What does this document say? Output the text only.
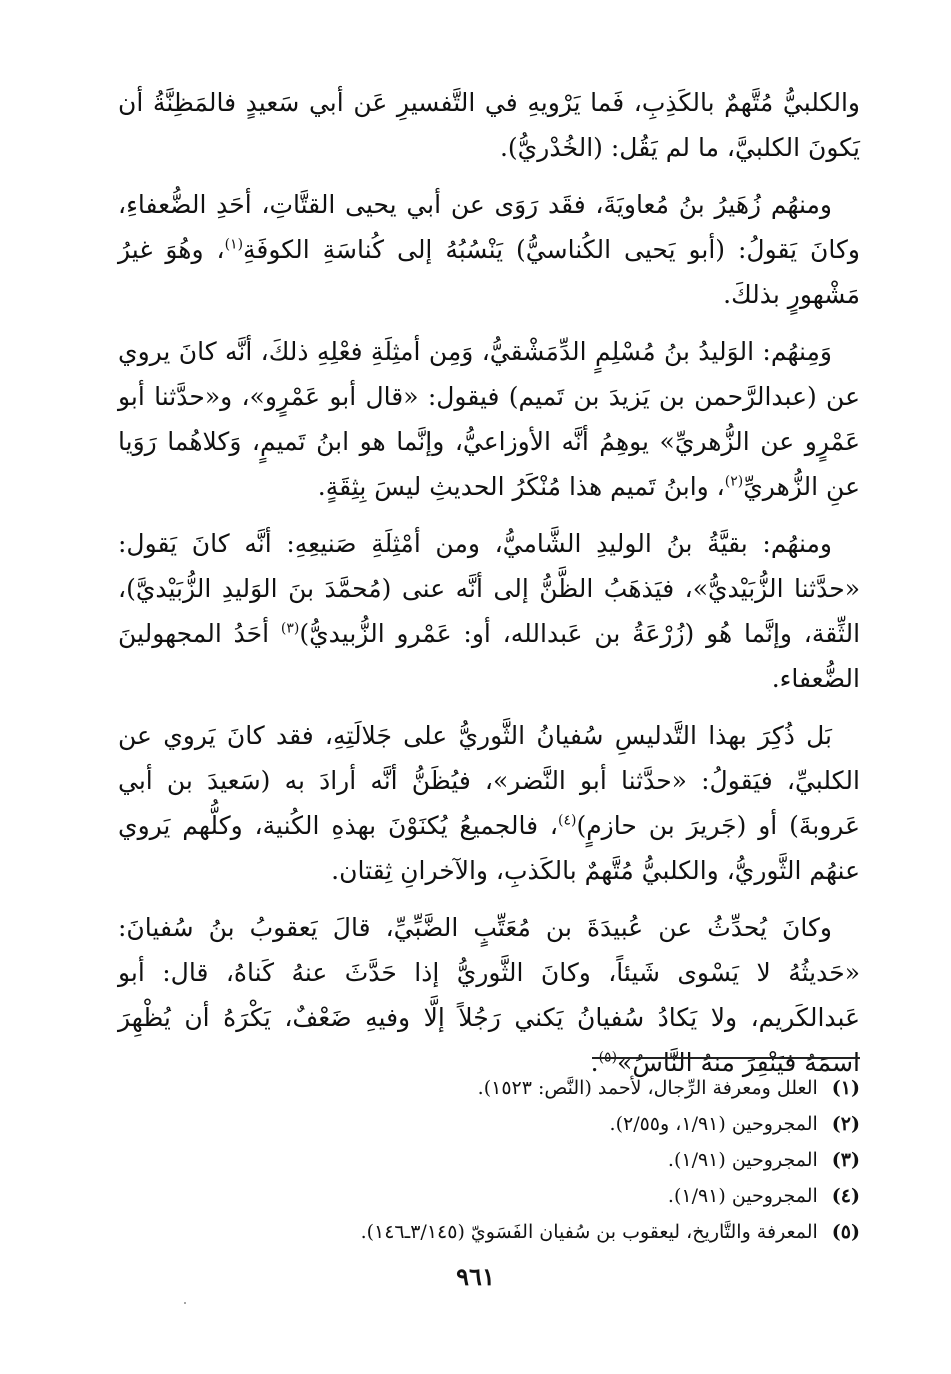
والكلبيُّ مُتَّهمٌ بالكَذِبِ، فَما يَرْويهِ في التَّفسيرِ عَن أبي سَعيدٍ فالمَظِنَّةُ أن يَكونَ الكلبيَّ، ما لم يَقُل: (الخُدْريُّ).

ومنهُم زُهَيرُ بنُ مُعاويَةَ، فقَد رَوَى عن أبي يحيى القتَّاتِ، أحَدِ الضُّعفاءِ، وكانَ يَقولُ: (أبو يَحيى الكُناسيُّ) يَنْسُبُهُ إلى كُناسَةِ الكوفَةِ$^{(١)}$، وهُوَ غيرُ مَشْهورٍ بذلكَ.

وَمِنهُم: الوَليدُ بنُ مُسْلِمٍ الدِّمَشْقيُّ، وَمِن أمثِلَةِ فعْلِهِ ذلكَ، أنَّه كانَ يروي عن (عبدالرَّحمن بن يَزيدَ بن تَميم) فيقول: «قال أبو عَمْرٍو»، و«حدَّثنا أبو عَمْرٍو عن الزُّهريِّ» يوهِمُ أنَّه الأوزاعيُّ، وإنَّما هو ابنُ تَميمٍ، وَكلاهُما رَوَيا عنِ الزُّهريِّ$^{(٢)}$، وابنُ تَميم هذا مُنْكَرُ الحديثِ ليسَ بِثِقَةٍ.

ومنهُم: بقيَّةُ بنُ الوليدِ الشَّاميُّ، ومن أمْثِلَةِ صَنيعِهِ: أنَّه كانَ يَقول: «حدَّثنا الزُّبَيْديُّ»، فيَذهَبُ الظَّنُّ إلى أنَّه عنى (مُحمَّدَ بنَ الوَليدِ الزُّبَيْديَّ)، الثِّقة، وإنَّما هُو (زُرْعَةُ بن عَبدالله، أو: عَمْرو الزُّبيديُّ)$^{(٣)}$ أحَدُ المجهولينَ الضُّعفاء.

بَل ذُكِرَ بهذا التَّدليسِ سُفيانُ الثَّوريُّ على جَلالَتِهِ، فقد كانَ يَروي عن الكلبيِّ، فيَقولُ: «حدَّثنا أبو النَّضر»، فيُظَنُّ أنَّه أرادَ به (سَعيدَ بن أبي عَروبةَ) أو (جَريرَ بن حازمٍ)$^{(٤)}$، فالجميعُ يُكنَوْنَ بهذهِ الكُنية، وكلُّهم يَروي عنهُم الثَّوريُّ، والكلبيُّ مُتَّهمٌ بالكَذبِ، والآخرانِ ثِقتان.

وكانَ يُحدِّثُ عن عُبيدَةَ بن مُعَتِّبٍ الضَّبِّيِّ، قالَ يَعقوبُ بنُ سُفيانَ: «حَديثُهُ لا يَسْوى شَيئاً، وكانَ الثَّوريُّ إذا حَدَّثَ عنهُ كَناهُ، قال: أبو عَبدالكَريم، ولا يَكادُ سُفيانُ يَكني رَجُلاً إلَّا وفيهِ ضَعْفٌ، يَكْرَهُ أن يُظْهِرَ اسمَهُ فيَنْفِرَ منهُ النَّاسُ»$^{(٥)}$.

(١)العلل ومعرفة الرِّجال، لأحمد (النَّص: ١٥٢٣).
(٢)المجروحين (١/٩١، و٢/٥٥).
(٣)المجروحين (١/٩١).
(٤)المجروحين (١/٩١).
(٥)المعرفة والتَّاريخ، ليعقوب بن سُفيان الفَسَويّ (٣/١٤٥ـ١٤٦).
٩٦١
